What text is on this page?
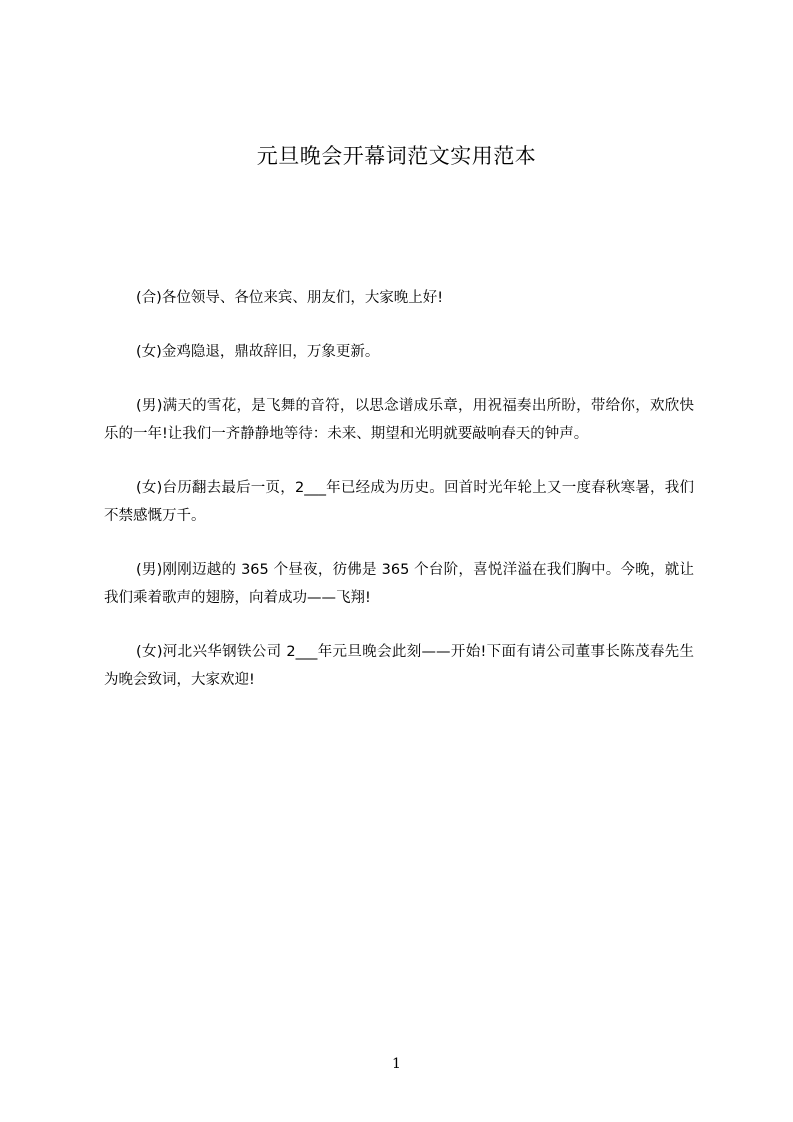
元旦晚会开幕词范文实用范本

(合)各位领导、各位来宾、朋友们，大家晚上好!

(女)金鸡隐退，鼎故辞旧，万象更新。

(男)满天的雪花，是飞舞的音符，以思念谱成乐章，用祝福奏出所盼，带给你，欢欣快乐的一年!让我们一齐静静地等待：未来、期望和光明就要敲响春天的钟声。

(女)台历翻去最后一页，2___年已经成为历史。回首时光年轮上又一度春秋寒暑，我们不禁感慨万千。

(男)刚刚迈越的 365 个昼夜，彷佛是 365 个台阶，喜悦洋溢在我们胸中。今晚，就让我们乘着歌声的翅膀，向着成功——飞翔!

(女)河北兴华钢铁公司 2___年元旦晚会此刻——开始!下面有请公司董事长陈茂春先生为晚会致词，大家欢迎!

1
